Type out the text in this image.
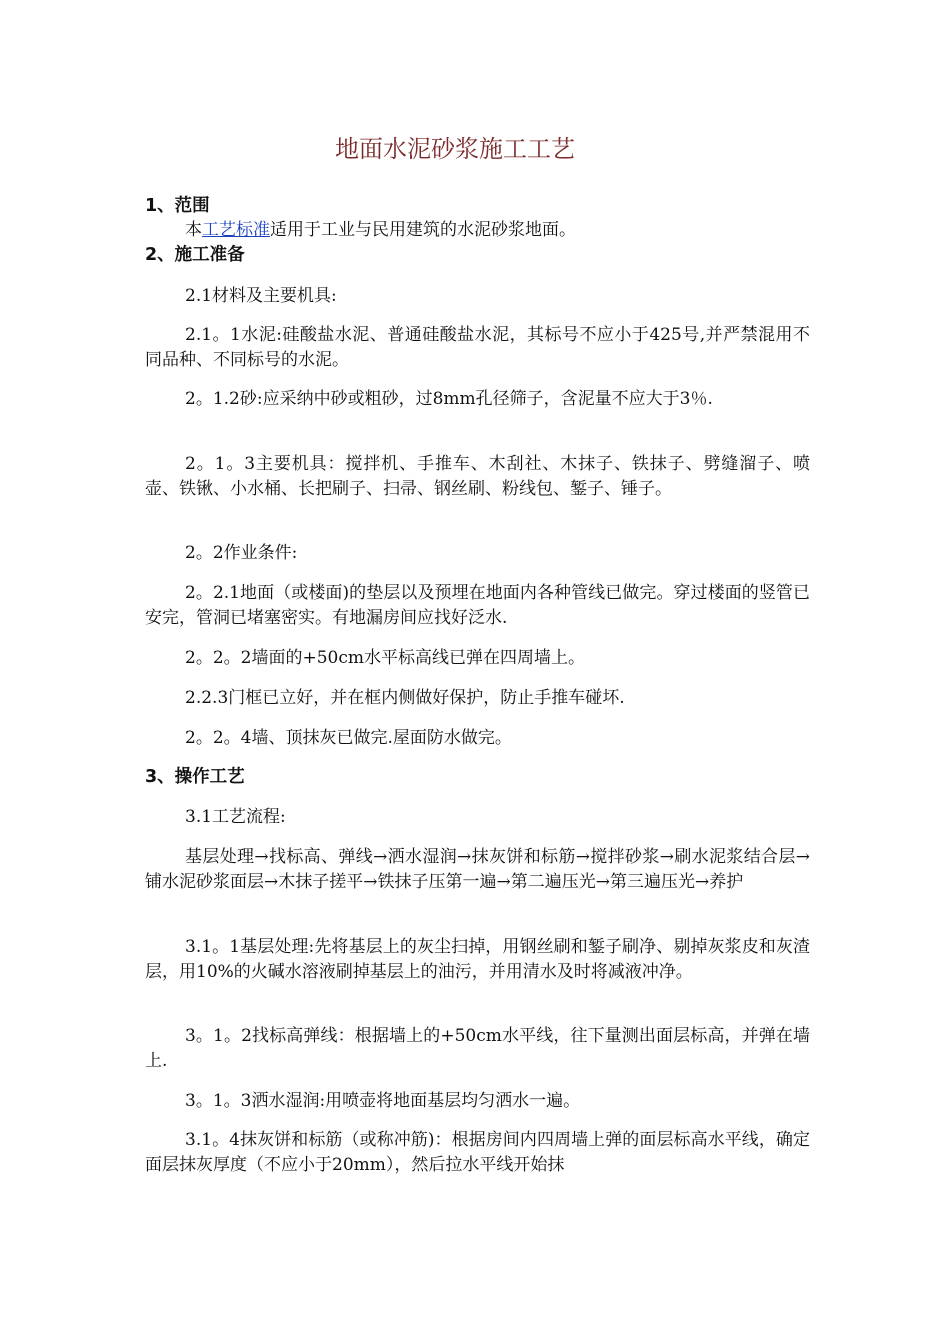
地面水泥砂浆施工工艺
1、范围
本工艺标准适用于工业与民用建筑的水泥砂浆地面。
2、施工准备

2.1材料及主要机具:

2.1。1水泥:硅酸盐水泥、普通硅酸盐水泥，其标号不应小于425号,并严禁混用不同品种、不同标号的水泥。

2。1.2砂:应采纳中砂或粗砂，过8mm孔径筛子，含泥量不应大于3％.

2。1。3主要机具：搅拌机、手推车、木刮社、木抹子、铁抹子、劈缝溜子、喷壶、铁锹、小水桶、长把刷子、扫帚、钢丝刷、粉线包、錾子、锤子。

2。2作业条件:

2。2.1地面（或楼面)的垫层以及预埋在地面内各种管线已做完。穿过楼面的竖管已安完，管洞已堵塞密实。有地漏房间应找好泛水.

2。2。2墙面的+50cm水平标高线已弹在四周墙上。

2.2.3门框已立好，并在框内侧做好保护，防止手推车碰坏.

2。2。4墙、顶抹灰已做完.屋面防水做完。

3、操作工艺

3.1工艺流程:

基层处理→找标高、弹线→洒水湿润→抹灰饼和标筋→搅拌砂浆→刷水泥浆结合层→铺水泥砂浆面层→木抹子搓平→铁抹子压第一遍→第二遍压光→第三遍压光→养护

3.1。1基层处理:先将基层上的灰尘扫掉，用钢丝刷和錾子刷净、剔掉灰浆皮和灰渣层，用10%的火碱水溶液刷掉基层上的油污，并用清水及时将减液冲净。

3。1。2找标高弹线：根据墙上的+50cm水平线，往下量测出面层标高，并弹在墙上.

3。1。3洒水湿润:用喷壶将地面基层均匀洒水一遍。

3.1。4抹灰饼和标筋（或称冲筋)：根据房间内四周墙上弹的面层标高水平线，确定面层抹灰厚度（不应小于20mm），然后拉水平线开始抹
